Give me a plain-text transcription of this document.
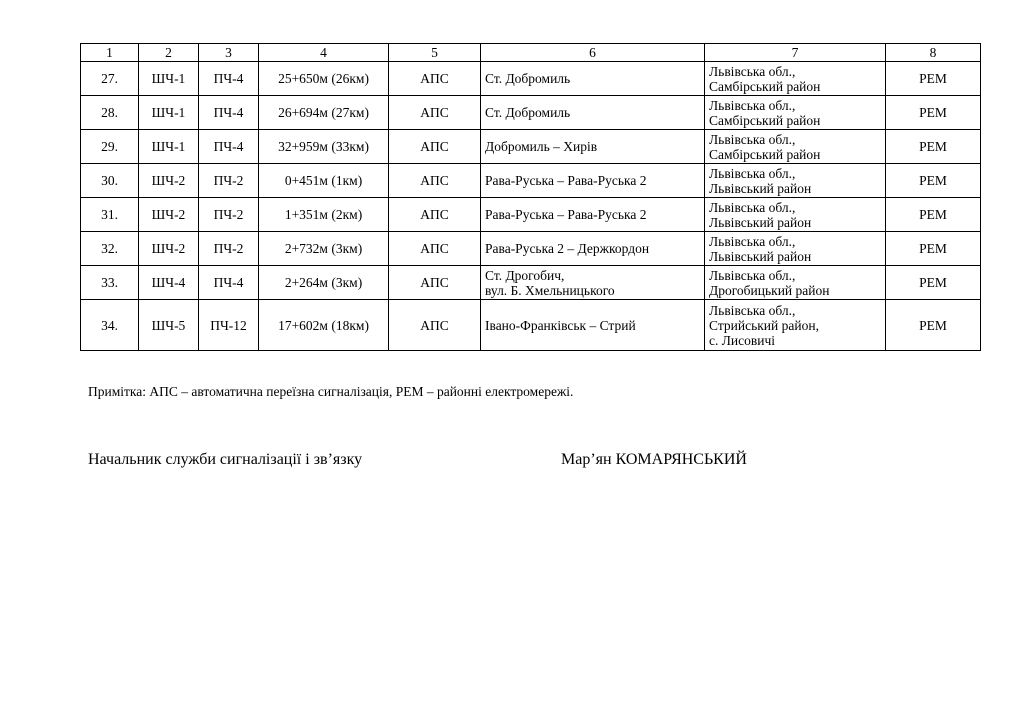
1	2	3	4	5	6	7	8
27.	ШЧ-1	ПЧ-4	25+650м (26км)	АПС	Ст. Добромиль	Львівська обл.,
Самбірський район	РЕМ
28.	ШЧ-1	ПЧ-4	26+694м (27км)	АПС	Ст. Добромиль	Львівська обл.,
Самбірський район	РЕМ
29.	ШЧ-1	ПЧ-4	32+959м (33км)	АПС	Добромиль – Хирів	Львівська обл.,
Самбірський район	РЕМ
30.	ШЧ-2	ПЧ-2	0+451м (1км)	АПС	Рава-Руська – Рава-Руська 2	Львівська обл.,
Львівський район	РЕМ
31.	ШЧ-2	ПЧ-2	1+351м (2км)	АПС	Рава-Руська – Рава-Руська 2	Львівська обл.,
Львівський район	РЕМ
32.	ШЧ-2	ПЧ-2	2+732м (3км)	АПС	Рава-Руська 2 – Держкордон	Львівська обл.,
Львівський район	РЕМ
33.	ШЧ-4	ПЧ-4	2+264м (3км)	АПС	Ст. Дрогобич,
вул. Б. Хмельницького	Львівська обл.,
Дрогобицький район	РЕМ
34.	ШЧ-5	ПЧ-12	17+602м (18км)	АПС	Івано-Франківськ – Стрий	Львівська обл.,
Стрийський район,
с. Лисовичі	РЕМ
Примітка: АПС – автоматична переїзна сигналізація, РЕМ – районні електромережі.
Начальник служби сигналізації і зв’язку	Мар’ян КОМАРЯНСЬКИЙ
